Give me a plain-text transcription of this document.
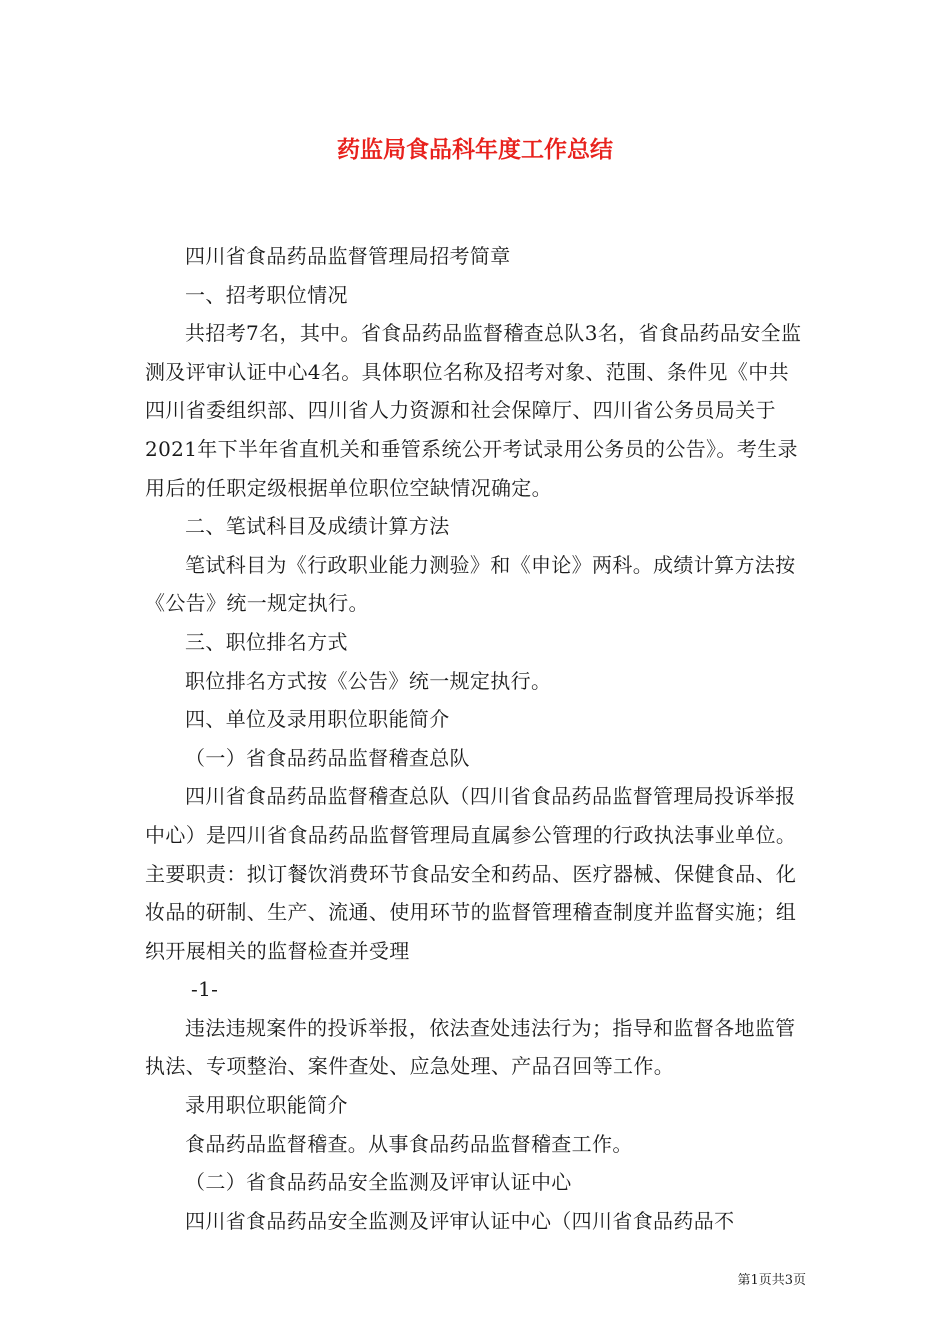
药监局食品科年度工作总结

四川省食品药品监督管理局招考简章

一、招考职位情况

共招考7名，其中。省食品药品监督稽查总队3名，省食品药品安全监测及评审认证中心4名。具体职位名称及招考对象、范围、条件见《中共四川省委组织部、四川省人力资源和社会保障厅、四川省公务员局关于2021年下半年省直机关和垂管系统公开考试录用公务员的公告》。考生录用后的任职定级根据单位职位空缺情况确定。

二、笔试科目及成绩计算方法

笔试科目为《行政职业能力测验》和《申论》两科。成绩计算方法按《公告》统一规定执行。

三、职位排名方式

职位排名方式按《公告》统一规定执行。

四、单位及录用职位职能简介

（一）省食品药品监督稽查总队

四川省食品药品监督稽查总队（四川省食品药品监督管理局投诉举报中心）是四川省食品药品监督管理局直属参公管理的行政执法事业单位。主要职责：拟订餐饮消费环节食品安全和药品、医疗器械、保健食品、化妆品的研制、生产、流通、使用环节的监督管理稽查制度并监督实施；组织开展相关的监督检查并受理

-1-

违法违规案件的投诉举报，依法查处违法行为；指导和监督各地监管执法、专项整治、案件查处、应急处理、产品召回等工作。

录用职位职能简介

食品药品监督稽查。从事食品药品监督稽查工作。

（二）省食品药品安全监测及评审认证中心

四川省食品药品安全监测及评审认证中心（四川省食品药品不

第1页共3页
